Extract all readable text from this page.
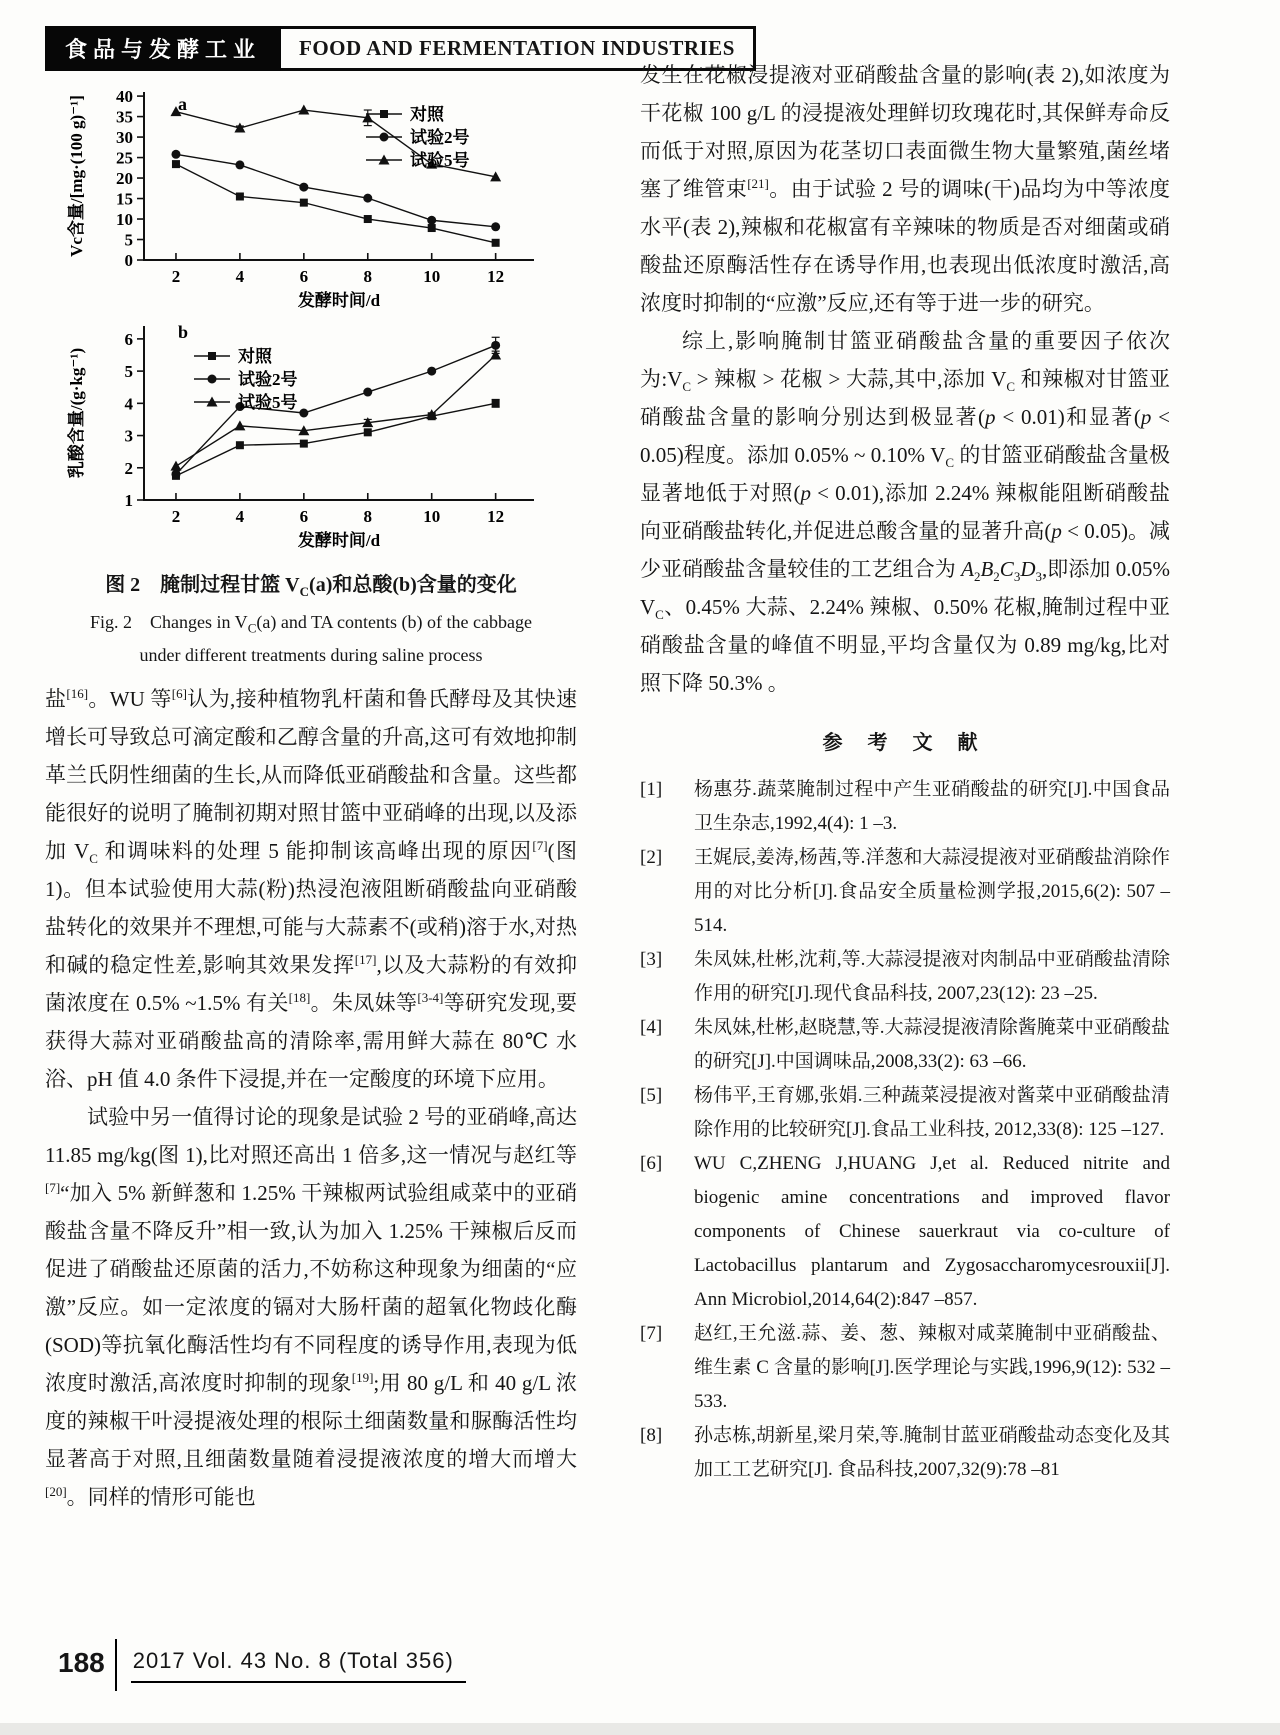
食品与发酵工业	FOOD AND FERMENTATION INDUSTRIES
0
5
10
15
20
25
30
35
40
2	4	6	8	10	12
对照
试验2号
试验5号
a
Vc含量/[mg·(100 g)⁻¹]
发酵时间/d
1
2
3
4
5
6
2	4	6	8	10	12
对照
试验2号
试验5号
b
乳酸含量/(g·kg⁻¹)
发酵时间/d
图 2　腌制过程甘篮 $V_C(a)$和总酸(b)含量的变化
Fig. 2　Changes in $V_C(a)$ and TA contents (b) of the cabbage
under different treatments during saline process

盐[16]。WU 等[6]认为,接种植物乳杆菌和鲁氏酵母及其快速增长可导致总可滴定酸和乙醇含量的升高,这可有效地抑制革兰氏阴性细菌的生长,从而降低亚硝酸盐和含量。这些都能很好的说明了腌制初期对照甘篮中亚硝峰的出现,以及添加 $V_C$ 和调味料的处理 5 能抑制该高峰出现的原因[7](图 1)。但本试验使用大蒜(粉)热浸泡液阻断硝酸盐向亚硝酸盐转化的效果并不理想,可能与大蒜素不(或稍)溶于水,对热和碱的稳定性差,影响其效果发挥[17],以及大蒜粉的有效抑菌浓度在 0.5% ~1.5% 有关[18]。朱凤妹等[3-4]等研究发现,要获得大蒜对亚硝酸盐高的清除率,需用鲜大蒜在 80℃ 水浴、pH 值 4.0 条件下浸提,并在一定酸度的环境下应用。

试验中另一值得讨论的现象是试验 2 号的亚硝峰,高达 11.85 mg/kg(图 1),比对照还高出 1 倍多,这一情况与赵红等[7]“加入 5% 新鲜葱和 1.25% 干辣椒两试验组咸菜中的亚硝酸盐含量不降反升”相一致,认为加入 1.25% 干辣椒后反而促进了硝酸盐还原菌的活力,不妨称这种现象为细菌的“应激”反应。如一定浓度的镉对大肠杆菌的超氧化物歧化酶(SOD)等抗氧化酶活性均有不同程度的诱导作用,表现为低浓度时激活,高浓度时抑制的现象[19];用 80 g/L 和 40 g/L 浓度的辣椒干叶浸提液处理的根际土细菌数量和脲酶活性均显著高于对照,且细菌数量随着浸提液浓度的增大而增大[20]。同样的情形可能也

发生在花椒浸提液对亚硝酸盐含量的影响(表 2),如浓度为干花椒 100 g/L 的浸提液处理鲜切玫瑰花时,其保鲜寿命反而低于对照,原因为花茎切口表面微生物大量繁殖,菌丝堵塞了维管束[21]。由于试验 2 号的调味(干)品均为中等浓度水平(表 2),辣椒和花椒富有辛辣味的物质是否对细菌或硝酸盐还原酶活性存在诱导作用,也表现出低浓度时激活,高浓度时抑制的“应激”反应,还有等于进一步的研究。

综上,影响腌制甘篮亚硝酸盐含量的重要因子依次为$:V_C$ > 辣椒 > 花椒 > 大蒜,其中,添加 $V_C$ 和辣椒对甘篮亚硝酸盐含量的影响分别达到极显著(p < 0.01)和显著(p < 0.05)程度。添加 0.05% ~ 0.10% $V_C$ 的甘篮亚硝酸盐含量极显著地低于对照(p < 0.01),添加 2.24% 辣椒能阻断硝酸盐向亚硝酸盐转化,并促进总酸含量的显著升高(p < 0.05)。减少亚硝酸盐含量较佳的工艺组合为 $A_2B_2C_3D_3$,即添加 0.05% $V_C$、0.45% 大蒜、2.24% 辣椒、0.50% 花椒,腌制过程中亚硝酸盐含量的峰值不明显,平均含量仅为 0.89 mg/kg,比对照下降 50.3% 。

参 考 文 献
[1]	杨惠芬.蔬菜腌制过程中产生亚硝酸盐的研究[J].中国食品卫生杂志,1992,4(4): 1 –3.
[2]	王娓辰,姜涛,杨茜,等.洋葱和大蒜浸提液对亚硝酸盐消除作用的对比分析[J].食品安全质量检测学报,2015,6(2): 507 –514.
[3]	朱凤妹,杜彬,沈莉,等.大蒜浸提液对肉制品中亚硝酸盐清除作用的研究[J].现代食品科技, 2007,23(12): 23 –25.
[4]	朱凤妹,杜彬,赵晓慧,等.大蒜浸提液清除酱腌菜中亚硝酸盐的研究[J].中国调味品,2008,33(2): 63 –66.
[5]	杨伟平,王育娜,张娟.三种蔬菜浸提液对酱菜中亚硝酸盐清除作用的比较研究[J].食品工业科技, 2012,33(8): 125 –127.
[6]	WU C,ZHENG J,HUANG J,et al. Reduced nitrite and biogenic amine concentrations and improved flavor components of Chinese sauerkraut via co-culture of Lactobacillus plantarum and Zygosaccharomycesrouxii[J]. Ann Microbiol,2014,64(2):847 –857.
[7]	赵红,王允滋.蒜、姜、葱、辣椒对咸菜腌制中亚硝酸盐、维生素 C 含量的影响[J].医学理论与实践,1996,9(12): 532 –533.
[8]	孙志栋,胡新星,梁月荣,等.腌制甘蓝亚硝酸盐动态变化及其加工工艺研究[J]. 食品科技,2007,32(9):78 –81
188	2017 Vol. 43 No. 8 (Total 356)
